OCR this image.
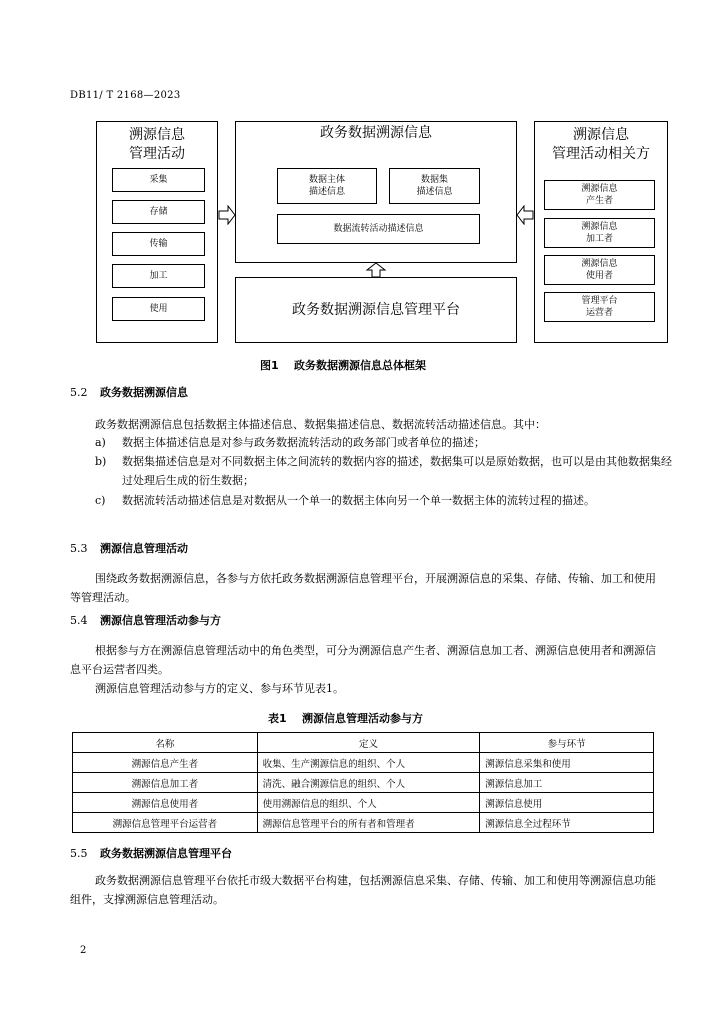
DB11/ T 2168—2023
溯源信息
管理活动
采集
存储
传输
加工
使用
政务数据溯源信息
数据主体
描述信息
数据集
描述信息
数据流转活动描述信息
政务数据溯源信息管理平台
溯源信息
管理活动相关方
溯源信息
产生者
溯源信息
加工者
溯源信息
使用者
管理平台
运营者
图1    政务数据溯源信息总体框架
5.2 政务数据溯源信息
政务数据溯源信息包括数据主体描述信息、数据集描述信息、数据流转活动描述信息。其中：
a) 数据主体描述信息是对参与政务数据流转活动的政务部门或者单位的描述；
b) 数据集描述信息是对不同数据主体之间流转的数据内容的描述，数据集可以是原始数据，也可以是由其他数据集经过处理后生成的衍生数据；
c) 数据流转活动描述信息是对数据从一个单一的数据主体向另一个单一数据主体的流转过程的描述。
5.3 溯源信息管理活动
围绕政务数据溯源信息，各参与方依托政务数据溯源信息管理平台，开展溯源信息的采集、存储、传输、加工和使用等管理活动。
5.4 溯源信息管理活动参与方
根据参与方在溯源信息管理活动中的角色类型，可分为溯源信息产生者、溯源信息加工者、溯源信息使用者和溯源信息平台运营者四类。
溯源信息管理活动参与方的定义、参与环节见表1。
表1    溯源信息管理活动参与方
名称	定义	参与环节
溯源信息产生者	收集、生产溯源信息的组织、个人	溯源信息采集和使用
溯源信息加工者	清洗、融合溯源信息的组织、个人	溯源信息加工
溯源信息使用者	使用溯源信息的组织、个人	溯源信息使用
溯源信息管理平台运营者	溯源信息管理平台的所有者和管理者	溯源信息全过程环节
5.5 政务数据溯源信息管理平台
政务数据溯源信息管理平台依托市级大数据平台构建，包括溯源信息采集、存储、传输、加工和使用等溯源信息功能组件，支撑溯源信息管理活动。
2
